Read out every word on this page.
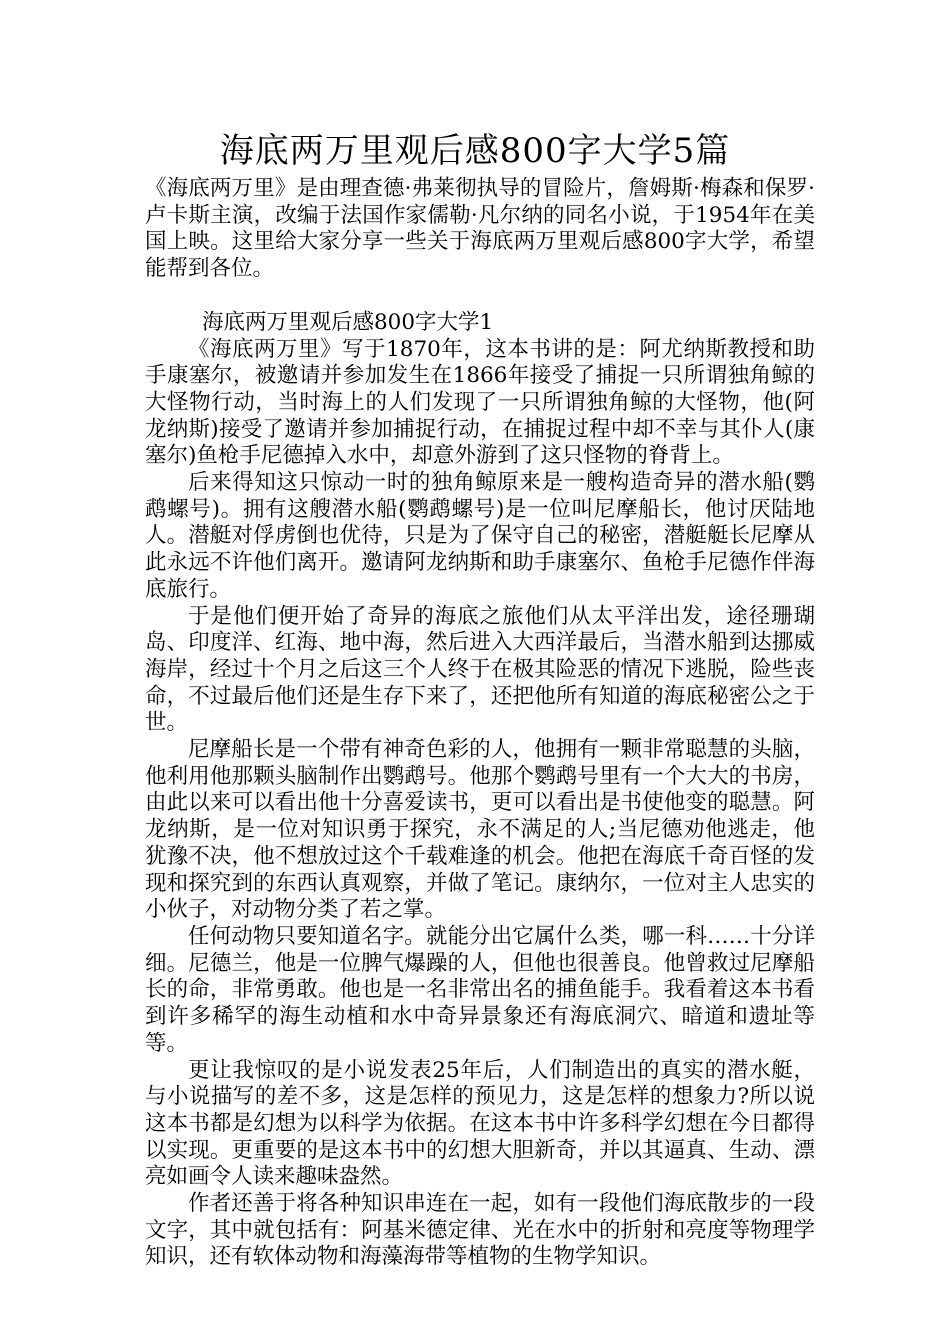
海底两万里观后感800字大学5篇

《海底两万里》是由理查德·弗莱彻执导的冒险片，詹姆斯·梅森和保罗·卢卡斯主演，改编于法国作家儒勒·凡尔纳的同名小说，于1954年在美国上映。这里给大家分享一些关于海底两万里观后感800字大学，希望能帮到各位。

海底两万里观后感800字大学1

《海底两万里》写于1870年，这本书讲的是：阿尤纳斯教授和助手康塞尔，被邀请并参加发生在1866年接受了捕捉一只所谓独角鲸的大怪物行动，当时海上的人们发现了一只所谓独角鲸的大怪物，他(阿龙纳斯)接受了邀请并参加捕捉行动，在捕捉过程中却不幸与其仆人(康塞尔)鱼枪手尼德掉入水中，却意外游到了这只怪物的脊背上。

后来得知这只惊动一时的独角鲸原来是一艘构造奇异的潜水船(鹦鹉螺号)。拥有这艘潜水船(鹦鹉螺号)是一位叫尼摩船长，他讨厌陆地人。潜艇对俘虏倒也优待，只是为了保守自己的秘密，潜艇艇长尼摩从此永远不许他们离开。邀请阿龙纳斯和助手康塞尔、鱼枪手尼德作伴海底旅行。

于是他们便开始了奇异的海底之旅他们从太平洋出发，途径珊瑚岛、印度洋、红海、地中海，然后进入大西洋最后，当潜水船到达挪威海岸，经过十个月之后这三个人终于在极其险恶的情况下逃脱，险些丧命，不过最后他们还是生存下来了，还把他所有知道的海底秘密公之于世。

尼摩船长是一个带有神奇色彩的人，他拥有一颗非常聪慧的头脑，他利用他那颗头脑制作出鹦鹉号。他那个鹦鹉号里有一个大大的书房，由此以来可以看出他十分喜爱读书，更可以看出是书使他变的聪慧。阿龙纳斯，是一位对知识勇于探究，永不满足的人;当尼德劝他逃走，他犹豫不决，他不想放过这个千载难逢的机会。他把在海底千奇百怪的发现和探究到的东西认真观察，并做了笔记。康纳尔，一位对主人忠实的小伙子，对动物分类了若之掌。

任何动物只要知道名字。就能分出它属什么类，哪一科……十分详细。尼德兰，他是一位脾气爆躁的人，但他也很善良。他曾救过尼摩船长的命，非常勇敢。他也是一名非常出名的捕鱼能手。我看着这本书看到许多稀罕的海生动植和水中奇异景象还有海底洞穴、暗道和遗址等等。

更让我惊叹的是小说发表25年后，人们制造出的真实的潜水艇，与小说描写的差不多，这是怎样的预见力，这是怎样的想象力?所以说这本书都是幻想为以科学为依据。在这本书中许多科学幻想在今日都得以实现。更重要的是这本书中的幻想大胆新奇，并以其逼真、生动、漂亮如画令人读来趣味盎然。

作者还善于将各种知识串连在一起，如有一段他们海底散步的一段文字，其中就包括有：阿基米德定律、光在水中的折射和亮度等物理学知识，还有软体动物和海藻海带等植物的生物学知识。
